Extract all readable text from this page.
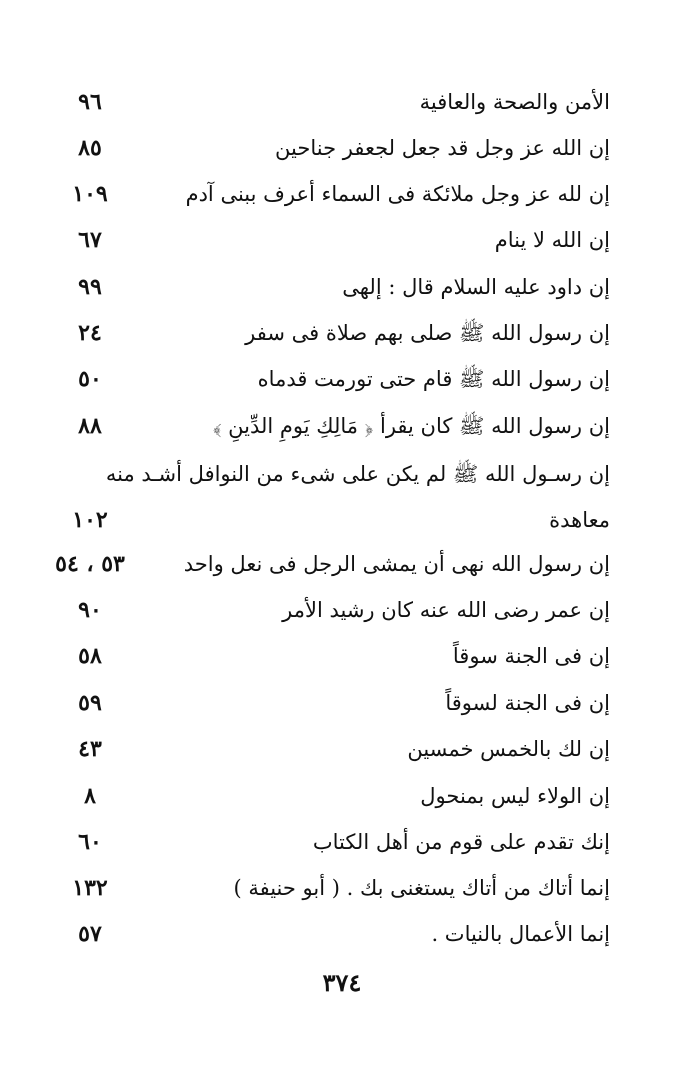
الأمن والصحة والعافية
٩٦
إن الله عز وجل قد جعل لجعفر جناحين
٨٥
إن لله عز وجل ملائكة فى السماء أعرف ببنى آدم
١٠٩
إن الله لا ينام
٦٧
إن داود عليه السلام قال : إلهى
٩٩
إن رسول الله ﷺ صلى بهم صلاة فى سفر
٢٤
إن رسول الله ﷺ قام حتى تورمت قدماه
٥٠
إن رسول الله ﷺ كان يقرأ ﴿ مَالِكِ يَومِ الدِّينِ ﴾
٨٨
إن رسـول الله ﷺ لم يكن على شىء من النوافل أشـد منه
معاهدة
١٠٢
إن رسول الله نهى أن يمشى الرجل فى نعل واحد
٥٣ ، ٥٤
إن عمر رضى الله عنه كان رشيد الأمر
٩٠
إن فى الجنة سوقاً
٥٨
إن فى الجنة لسوقاً
٥٩
إن لك بالخمس خمسين
٤٣
إن الولاء ليس بمنحول
٨
إنك تقدم على قوم من أهل الكتاب
٦٠
إنما أتاك من أتاك يستغنى بك . ( أبو حنيفة )
١٣٢
إنما الأعمال بالنيات .
٥٧
٣٧٤
